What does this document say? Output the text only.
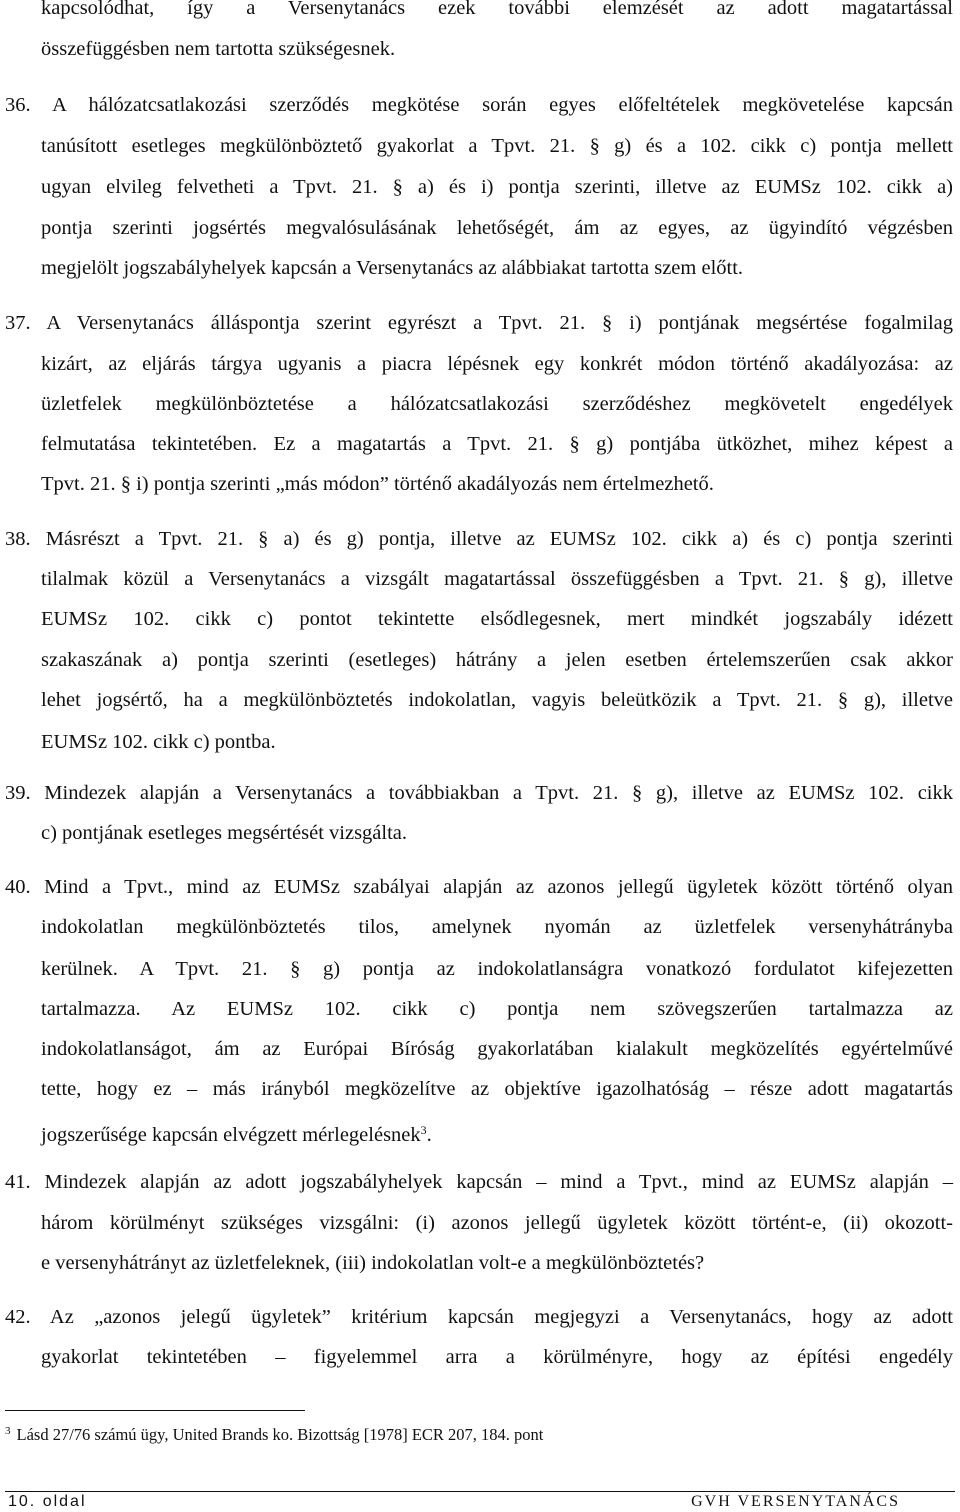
kapcsolódhat, így a Versenytanács ezek további elemzését az adott magatartással
összefüggésben nem tartotta szükségesnek.
36. A hálózatcsatlakozási szerződés megkötése során egyes előfeltételek megkövetelése kapcsán
tanúsított esetleges megkülönböztető gyakorlat a Tpvt. 21. § g) és a 102. cikk c) pontja mellett
ugyan elvileg felvetheti a Tpvt. 21. § a) és i) pontja szerinti, illetve az EUMSz 102. cikk a)
pontja szerinti jogsértés megvalósulásának lehetőségét, ám az egyes, az ügyindító végzésben
megjelölt jogszabályhelyek kapcsán a Versenytanács az alábbiakat tartotta szem előtt.
37. A Versenytanács álláspontja szerint egyrészt a Tpvt. 21. § i) pontjának megsértése fogalmilag
kizárt, az eljárás tárgya ugyanis a piacra lépésnek egy konkrét módon történő akadályozása: az
üzletfelek megkülönböztetése a hálózatcsatlakozási szerződéshez megkövetelt engedélyek
felmutatása tekintetében. Ez a magatartás a Tpvt. 21. § g) pontjába ütközhet, mihez képest a
Tpvt. 21. § i) pontja szerinti „más módon” történő akadályozás nem értelmezhető.
38. Másrészt a Tpvt. 21. § a) és g) pontja, illetve az EUMSz 102. cikk a) és c) pontja szerinti
tilalmak közül a Versenytanács a vizsgált magatartással összefüggésben a Tpvt. 21. § g), illetve
EUMSz 102. cikk c) pontot tekintette elsődlegesnek, mert mindkét jogszabály idézett
szakaszának a) pontja szerinti (esetleges) hátrány a jelen esetben értelemszerűen csak akkor
lehet jogsértő, ha a megkülönböztetés indokolatlan, vagyis beleütközik a Tpvt. 21. § g), illetve
EUMSz 102. cikk c) pontba.
39. Mindezek alapján a Versenytanács a továbbiakban a Tpvt. 21. § g), illetve az EUMSz 102. cikk
c) pontjának esetleges megsértését vizsgálta.
40. Mind a Tpvt., mind az EUMSz szabályai alapján az azonos jellegű ügyletek között történő olyan
indokolatlan megkülönböztetés tilos, amelynek nyomán az üzletfelek versenyhátrányba
kerülnek. A Tpvt. 21. § g) pontja az indokolatlanságra vonatkozó fordulatot kifejezetten
tartalmazza. Az EUMSz 102. cikk c) pontja nem szövegszerűen tartalmazza az
indokolatlanságot, ám az Európai Bíróság gyakorlatában kialakult megközelítés egyértelművé
tette, hogy ez – más irányból megközelítve az objektíve igazolhatóság – része adott magatartás
jogszerűsége kapcsán elvégzett mérlegelésnek$^3$.
41. Mindezek alapján az adott jogszabályhelyek kapcsán – mind a Tpvt., mind az EUMSz alapján –
három körülményt szükséges vizsgálni: (i) azonos jellegű ügyletek között történt-e, (ii) okozott-
e versenyhátrányt az üzletfeleknek, (iii) indokolatlan volt-e a megkülönböztetés?
42. Az „azonos jelegű ügyletek” kritérium kapcsán megjegyzi a Versenytanács, hogy az adott
gyakorlat tekintetében – figyelemmel arra a körülményre, hogy az építési engedély
$^3$ Lásd 27/76 számú ügy, United Brands ko. Bizottság [1978] ECR 207, 184. pont
10. oldal	GVH VERSENYTANÁCS
